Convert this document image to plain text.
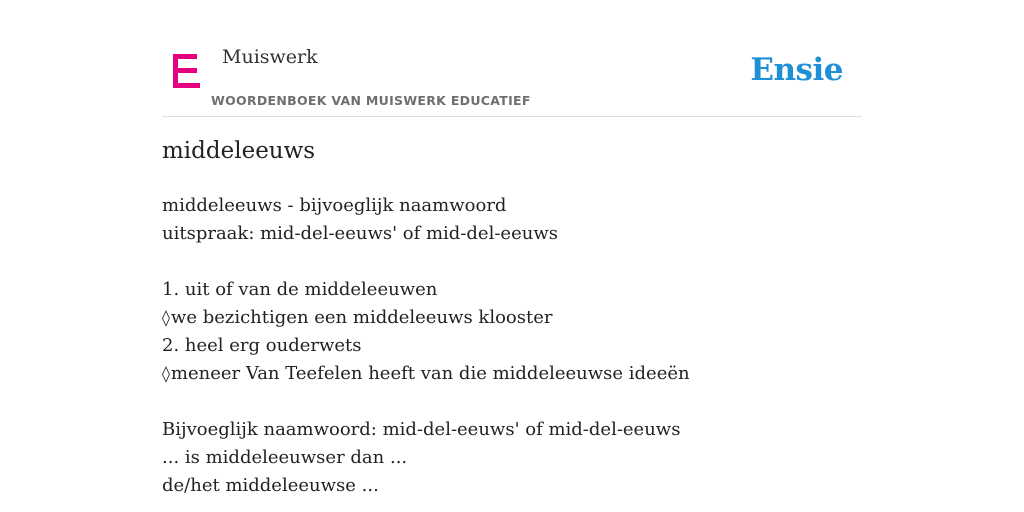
Muiswerk
WOORDENBOEK VAN MUISWERK EDUCATIEF
Ensie
middeleeuws
middeleeuws - bijvoeglijk naamwoord
uitspraak: mid-del-eeuws' of mid-del-eeuws
1. uit of van de middeleeuwen
◊we bezichtigen een middeleeuws klooster
2. heel erg ouderwets
◊meneer Van Teefelen heeft van die middeleeuwse ideeën
Bijvoeglijk naamwoord: mid-del-eeuws' of mid-del-eeuws
... is middeleeuwser dan ...
de/het middeleeuwse ...
